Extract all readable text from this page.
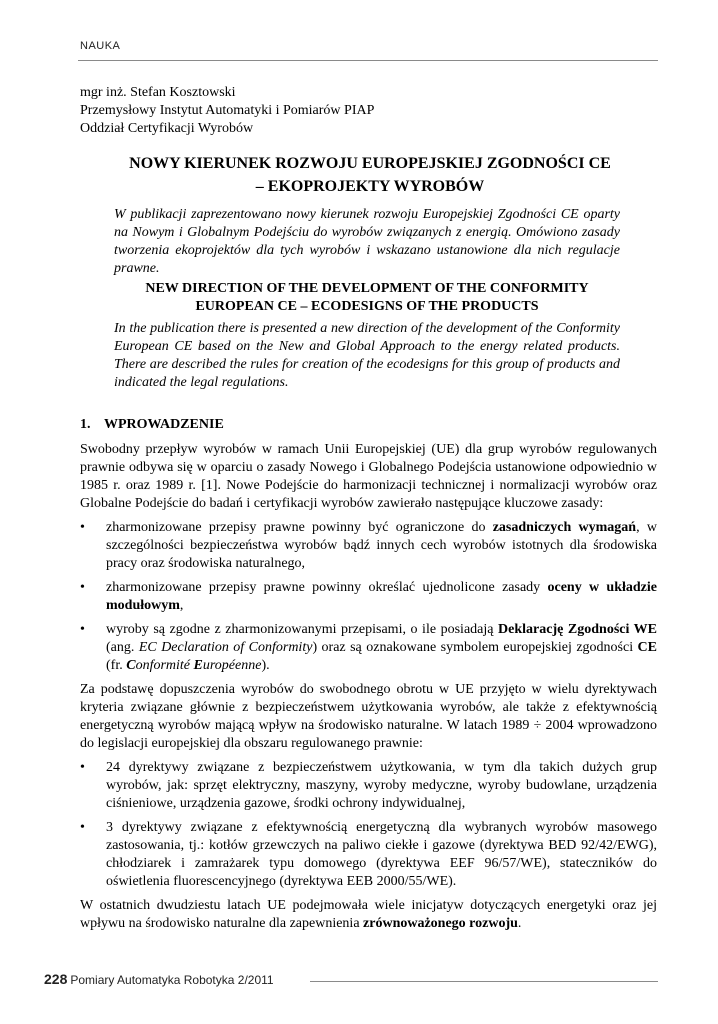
NAUKA
mgr inż. Stefan Kosztowski
Przemysłowy Instytut Automatyki i Pomiarów PIAP
Oddział Certyfikacji Wyrobów
NOWY KIERUNEK ROZWOJU EUROPEJSKIEJ ZGODNOŚCI CE
– EKOPROJEKTY WYROBÓW
W publikacji zaprezentowano nowy kierunek rozwoju Europejskiej Zgodności CE oparty na Nowym i Globalnym Podejściu do wyrobów związanych z energią. Omówiono zasady tworzenia ekoprojektów dla tych wyrobów i wskazano ustanowione dla nich regulacje prawne.
NEW DIRECTION OF THE DEVELOPMENT OF THE CONFORMITY
EUROPEAN CE – ECODESIGNS OF THE PRODUCTS
In the publication there is presented a new direction of the development of the Conformity European CE based on the New and Global Approach to the energy related products. There are described the rules for creation of the ecodesigns for this group of products and indicated the legal regulations.
1. WPROWADZENIE

Swobodny przepływ wyrobów w ramach Unii Europejskiej (UE) dla grup wyrobów regulowanych prawnie odbywa się w oparciu o zasady Nowego i Globalnego Podejścia ustanowione odpowiednio w 1985 r. oraz 1989 r. [1]. Nowe Podejście do harmonizacji technicznej i normalizacji wyrobów oraz Globalne Podejście do badań i certyfikacji wyrobów zawierało następujące kluczowe zasady:

•	zharmonizowane przepisy prawne powinny być ograniczone do zasadniczych wymagań, w szczególności bezpieczeństwa wyrobów bądź innych cech wyrobów istotnych dla środowiska pracy oraz środowiska naturalnego,
•	zharmonizowane przepisy prawne powinny określać ujednolicone zasady oceny w układzie modułowym,
•	wyroby są zgodne z zharmonizowanymi przepisami, o ile posiadają Deklarację Zgodności WE (ang. EC Declaration of Conformity) oraz są oznakowane symbolem europejskiej zgodności CE (fr. Conformité Européenne).

Za podstawę dopuszczenia wyrobów do swobodnego obrotu w UE przyjęto w wielu dyrektywach kryteria związane głównie z bezpieczeństwem użytkowania wyrobów, ale także z efektywnością energetyczną wyrobów mającą wpływ na środowisko naturalne. W latach 1989 ÷ 2004 wprowadzono do legislacji europejskiej dla obszaru regulowanego prawnie:

•	24 dyrektywy związane z bezpieczeństwem użytkowania, w tym dla takich dużych grup wyrobów, jak: sprzęt elektryczny, maszyny, wyroby medyczne, wyroby budowlane, urządzenia ciśnieniowe, urządzenia gazowe, środki ochrony indywidualnej,
•	3 dyrektywy związane z efektywnością energetyczną dla wybranych wyrobów masowego zastosowania, tj.: kotłów grzewczych na paliwo ciekłe i gazowe (dyrektywa BED 92/42/EWG), chłodziarek i zamrażarek typu domowego (dyrektywa EEF 96/57/WE), stateczników do oświetlenia fluorescencyjnego (dyrektywa EEB 2000/55/WE).

W ostatnich dwudziestu latach UE podejmowała wiele inicjatyw dotyczących energetyki oraz jej wpływu na środowisko naturalne dla zapewnienia zrównoważonego rozwoju.

228 Pomiary Automatyka Robotyka 2/2011
